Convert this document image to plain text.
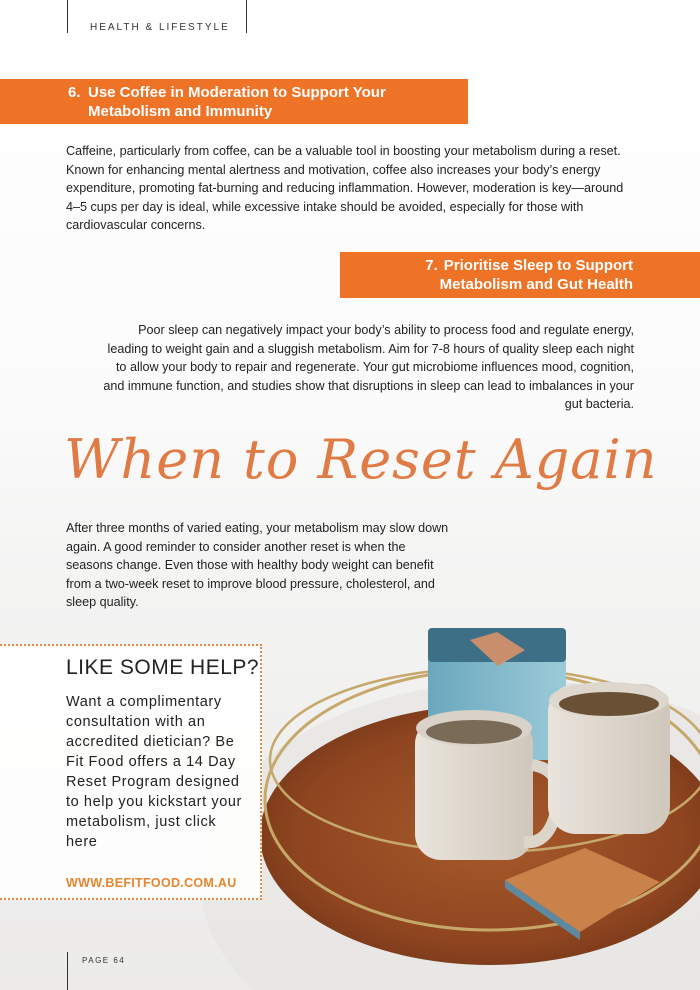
HEALTH & LIFESTYLE
6. Use Coffee in Moderation to Support Your
Metabolism and Immunity
Caffeine, particularly from coffee, can be a valuable tool in boosting your metabolism during a reset. Known for enhancing mental alertness and motivation, coffee also increases your body’s energy expenditure, promoting fat-burning and reducing inflammation. However, moderation is key—around 4–5 cups per day is ideal, while excessive intake should be avoided, especially for those with cardiovascular concerns.
7. Prioritise Sleep to Support
Metabolism and Gut Health
Poor sleep can negatively impact your body’s ability to process food and regulate energy, leading to weight gain and a sluggish metabolism. Aim for 7-8 hours of quality sleep each night to allow your body to repair and regenerate. Your gut microbiome influences mood, cognition, and immune function, and studies show that disruptions in sleep can lead to imbalances in your gut bacteria.
When to Reset Again
After three months of varied eating, your metabolism may slow down again. A good reminder to consider another reset is when the seasons change. Even those with healthy body weight can benefit from a two-week reset to improve blood pressure, cholesterol, and sleep quality.
LIKE SOME HELP?
Want a complimentary consultation with an accredited dietician? Be Fit Food offers a 14 Day Reset Program designed to help you kickstart your metabolism, just click here
WWW.BEFITFOOD.COM.AU
PAGE 64
